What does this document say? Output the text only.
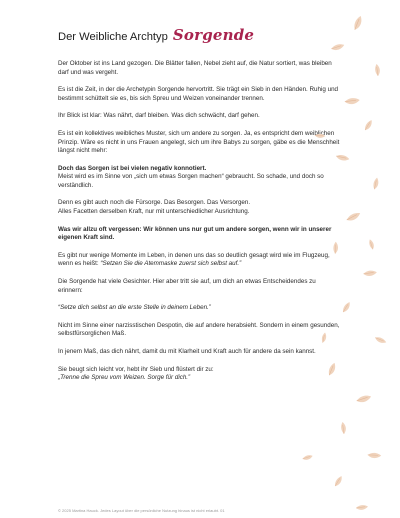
Der Weibliche Archtyp Sorgende

Der Oktober ist ins Land gezogen. Die Blätter fallen, Nebel zieht auf, die Natur sortiert, was bleiben darf und was vergeht.

Es ist die Zeit, in der die Archetypin Sorgende hervortritt. Sie trägt ein Sieb in den Händen. Ruhig und bestimmt schüttelt sie es, bis sich Spreu und Weizen voneinander trennen.

Ihr Blick ist klar: Was nährt, darf bleiben. Was dich schwächt, darf gehen.

Es ist ein kollektives weibliches Muster, sich um andere zu sorgen. Ja, es entspricht dem weiblichen Prinzip. Wäre es nicht in uns Frauen angelegt, sich um ihre Babys zu sorgen, gäbe es die Menschheit längst nicht mehr:

Doch das Sorgen ist bei vielen negativ konnotiert.
Meist wird es im Sinne von „sich um etwas Sorgen machen“ gebraucht. So schade, und doch so verständlich.

Denn es gibt auch noch die Fürsorge. Das Besorgen. Das Versorgen.
Alles Facetten derselben Kraft, nur mit unterschiedlicher Ausrichtung.

Was wir allzu oft vergessen: Wir können uns nur gut um andere sorgen, wenn wir in unserer eigenen Kraft sind.

Es gibt nur wenige Momente im Leben, in denen uns das so deutlich gesagt wird wie im Flugzeug, wenn es heißt: “Setzen Sie die Atemmaske zuerst sich selbst auf.”

Die Sorgende hat viele Gesichter. Hier aber tritt sie auf, um dich an etwas Entscheidendes zu erinnern:

“Setze dich selbst an die erste Stelle in deinem Leben.”

Nicht im Sinne einer narzisstischen Despotin, die auf andere herabsieht. Sondern in einem gesunden, selbstfürsorglichen Maß.

In jenem Maß, das dich nährt, damit du mit Klarheit und Kraft auch für andere da sein kannst.

Sie beugt sich leicht vor, hebt ihr Sieb und flüstert dir zu:
„Trenne die Spreu vom Weizen. Sorge für dich.”

© 2025 Martina Hauck. Jedes Layout über die persönliche Nutzung hinaus ist nicht erlaubt. 01
